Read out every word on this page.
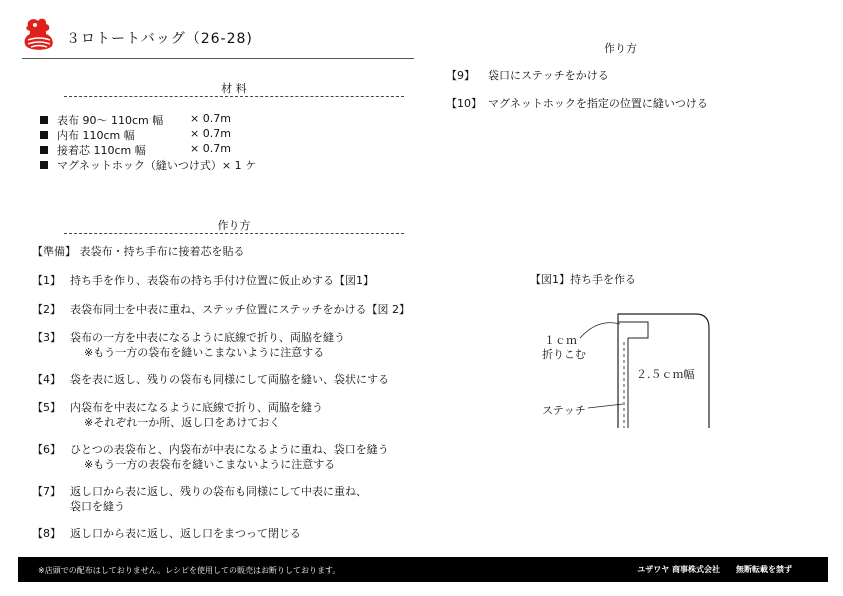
３ロトートバッグ（26-28)
材 料
表布 90～ 110cm 幅 × 0.7m
内布 110cm 幅	× 0.7m
接着芯 110cm 幅	× 0.7m
マグネットホック（縫いつけ式）× 1 ケ
作り方
【準備】 表袋布・持ち手布に接着芯を貼る
【1】 持ち手を作り、表袋布の持ち手付け位置に仮止めする【図1】
【2】 表袋布同士を中表に重ね、ステッチ位置にステッチをかける【図 2】
【3】 袋布の一方を中表になるように底線で折り、両脇を縫う
※もう一方の袋布を縫いこまないように注意する
【4】 袋を表に返し、残りの袋布も同様にして両脇を縫い、袋状にする
【5】 内袋布を中表になるように底線で折り、両脇を縫う
※それぞれ一か所、返し口をあけておく
【6】 ひとつの表袋布と、内袋布が中表になるように重ね、袋口を縫う
※もう一方の表袋布を縫いこまないように注意する
【7】 返し口から表に返し、残りの袋布も同様にして中表に重ね、
袋口を縫う
【8】 返し口から表に返し、返し口をまつって閉じる
作り方
【9】 袋口にステッチをかける
【10】 マグネットホックを指定の位置に縫いつける
【図1】持ち手を作る
１ｃｍ
折りこむ
２.５ｃｍ幅
ステッチ
※店頭での配布はしておりません。レシピを使用しての販売はお断りしております。	ユザワヤ 商事株式会社　　無断転載を禁ず
